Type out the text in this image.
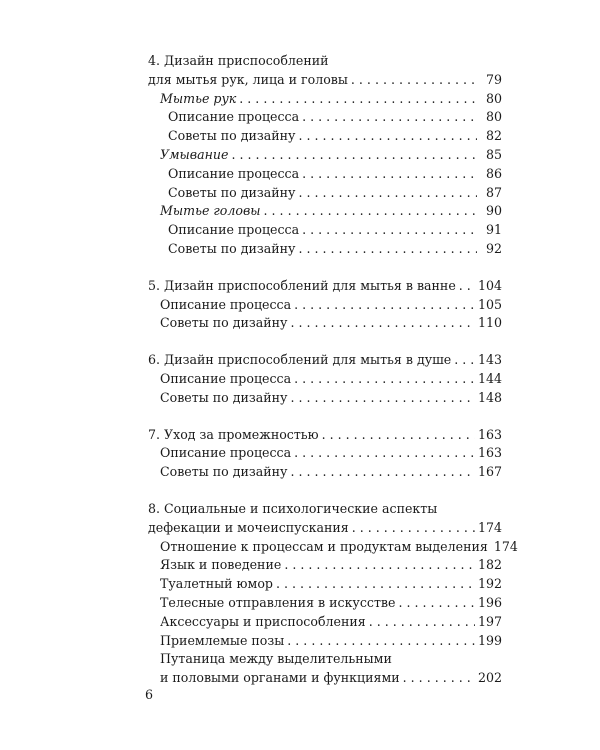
4. Дизайн приспособлений
для мытья рук, лица и головы . . .	79
Мытье рук . . .	80
Описание процесса . . .	80
Советы по дизайну . . .	82
Умывание . . .	85
Описание процесса . . .	86
Советы по дизайну . . .	87
Мытье головы . . .	90
Описание процесса . . .	91
Советы по дизайну . . .	92
5. Дизайн приспособлений для мытья в ванне . . . 104
Описание процесса . . .	105
Советы по дизайну . . .	110
6. Дизайн приспособлений для мытья в душе . . . 143
Описание процесса . . .	144
Советы по дизайну . . .	148
7. Уход за промежностью . . .	163
Описание процесса . . .	163
Советы по дизайну . . .	167
8. Социальные и психологические аспекты
дефекации и мочеиспускания . . .	174
Отношение к процессам и продуктам выделения 174
Язык и поведение . . .	182
Туалетный юмор . . .	192
Телесные отправления в искусстве . . .	196
Аксессуары и приспособления . . .	197
Приемлемые позы . . .	199
Путаница между выделительными
и половыми органами и функциями . . .	202
6
